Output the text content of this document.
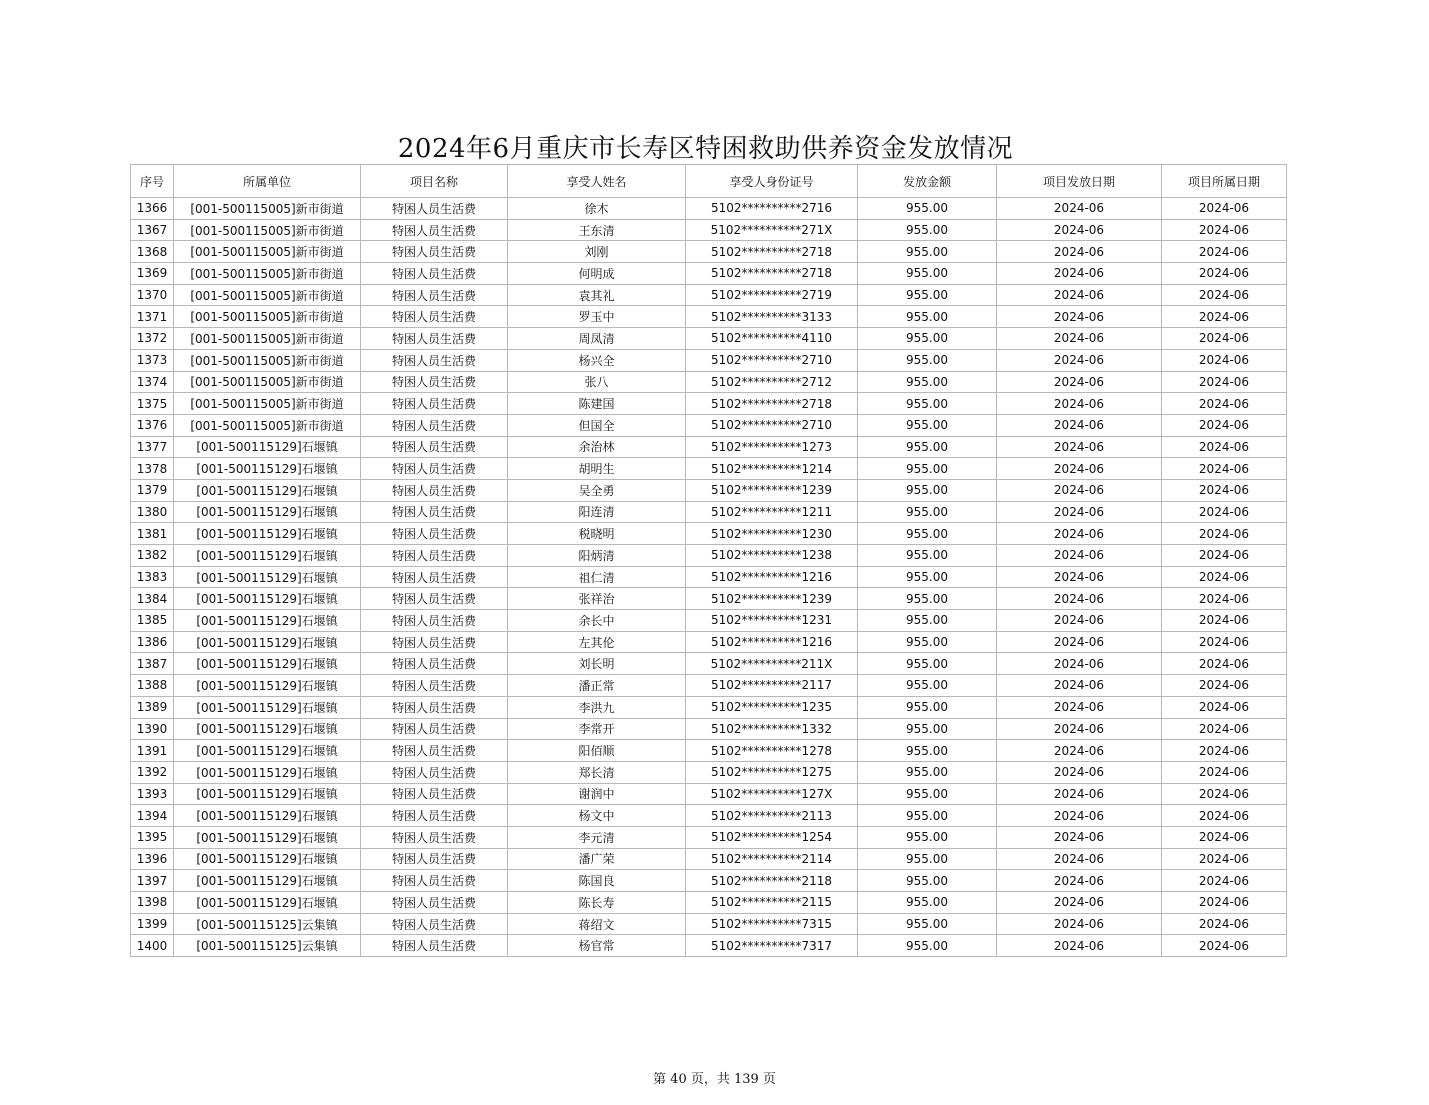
2024年6月重庆市长寿区特困救助供养资金发放情况
序号	所属单位	项目名称	享受人姓名	享受人身份证号	发放金额	项目发放日期	项目所属日期
1366	[001-500115005]新市街道	特困人员生活费	徐木	5102**********2716	955.00	2024-06	2024-06
1367	[001-500115005]新市街道	特困人员生活费	王东清	5102**********271X	955.00	2024-06	2024-06
1368	[001-500115005]新市街道	特困人员生活费	刘刚	5102**********2718	955.00	2024-06	2024-06
1369	[001-500115005]新市街道	特困人员生活费	何明成	5102**********2718	955.00	2024-06	2024-06
1370	[001-500115005]新市街道	特困人员生活费	袁其礼	5102**********2719	955.00	2024-06	2024-06
1371	[001-500115005]新市街道	特困人员生活费	罗玉中	5102**********3133	955.00	2024-06	2024-06
1372	[001-500115005]新市街道	特困人员生活费	周凤清	5102**********4110	955.00	2024-06	2024-06
1373	[001-500115005]新市街道	特困人员生活费	杨兴全	5102**********2710	955.00	2024-06	2024-06
1374	[001-500115005]新市街道	特困人员生活费	张八	5102**********2712	955.00	2024-06	2024-06
1375	[001-500115005]新市街道	特困人员生活费	陈建国	5102**********2718	955.00	2024-06	2024-06
1376	[001-500115005]新市街道	特困人员生活费	但国全	5102**********2710	955.00	2024-06	2024-06
1377	[001-500115129]石堰镇	特困人员生活费	余治林	5102**********1273	955.00	2024-06	2024-06
1378	[001-500115129]石堰镇	特困人员生活费	胡明生	5102**********1214	955.00	2024-06	2024-06
1379	[001-500115129]石堰镇	特困人员生活费	吴全勇	5102**********1239	955.00	2024-06	2024-06
1380	[001-500115129]石堰镇	特困人员生活费	阳连清	5102**********1211	955.00	2024-06	2024-06
1381	[001-500115129]石堰镇	特困人员生活费	税晓明	5102**********1230	955.00	2024-06	2024-06
1382	[001-500115129]石堰镇	特困人员生活费	阳炳清	5102**********1238	955.00	2024-06	2024-06
1383	[001-500115129]石堰镇	特困人员生活费	祖仁清	5102**********1216	955.00	2024-06	2024-06
1384	[001-500115129]石堰镇	特困人员生活费	张祥治	5102**********1239	955.00	2024-06	2024-06
1385	[001-500115129]石堰镇	特困人员生活费	余长中	5102**********1231	955.00	2024-06	2024-06
1386	[001-500115129]石堰镇	特困人员生活费	左其伦	5102**********1216	955.00	2024-06	2024-06
1387	[001-500115129]石堰镇	特困人员生活费	刘长明	5102**********211X	955.00	2024-06	2024-06
1388	[001-500115129]石堰镇	特困人员生活费	潘正常	5102**********2117	955.00	2024-06	2024-06
1389	[001-500115129]石堰镇	特困人员生活费	李洪九	5102**********1235	955.00	2024-06	2024-06
1390	[001-500115129]石堰镇	特困人员生活费	李常开	5102**********1332	955.00	2024-06	2024-06
1391	[001-500115129]石堰镇	特困人员生活费	阳佰顺	5102**********1278	955.00	2024-06	2024-06
1392	[001-500115129]石堰镇	特困人员生活费	郑长清	5102**********1275	955.00	2024-06	2024-06
1393	[001-500115129]石堰镇	特困人员生活费	谢润中	5102**********127X	955.00	2024-06	2024-06
1394	[001-500115129]石堰镇	特困人员生活费	杨文中	5102**********2113	955.00	2024-06	2024-06
1395	[001-500115129]石堰镇	特困人员生活费	李元清	5102**********1254	955.00	2024-06	2024-06
1396	[001-500115129]石堰镇	特困人员生活费	潘广荣	5102**********2114	955.00	2024-06	2024-06
1397	[001-500115129]石堰镇	特困人员生活费	陈国良	5102**********2118	955.00	2024-06	2024-06
1398	[001-500115129]石堰镇	特困人员生活费	陈长寿	5102**********2115	955.00	2024-06	2024-06
1399	[001-500115125]云集镇	特困人员生活费	蒋绍文	5102**********7315	955.00	2024-06	2024-06
1400	[001-500115125]云集镇	特困人员生活费	杨官常	5102**********7317	955.00	2024-06	2024-06
第 40 页，共 139 页
